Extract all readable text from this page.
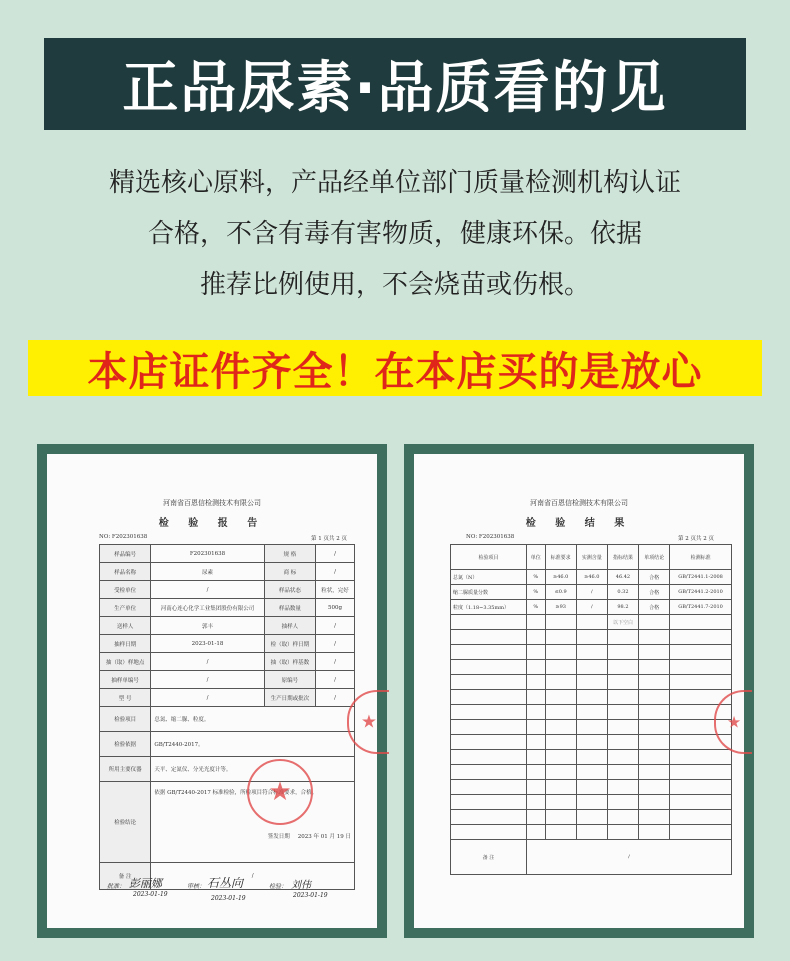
正品尿素·品质看的见
精选核心原料，产品经单位部门质量检测机构认证
合格，不含有毒有害物质，健康环保。依据
推荐比例使用，不会烧苗或伤根。
本店证件齐全！在本店买的是放心
河南省百恩信检测技术有限公司
检 验 报 告
NO: F202301638	第 1 页共 2 页
样品编号	F202301638	规 格	/
样品名称	尿素	商 标	/
受检单位	/	样品状态	粒状，完好
生产单位	河南心连心化学工业集团股份有限公司	样品数量	500g
送样人	郭丰	抽样人	/
抽样日期	2023-01-18	检（取）样日期	/
抽（取）样地点	/	抽（取）样基数	/
抽样单编号	/	原编号	/
型 号	/	生产日期或批次	/
检验项目	总氮、缩二脲、粒度。		
检验依据	GB/T2440-2017。		
所用主要仪器	天平、定氮仪、分光光度计等。		
检验结论	依据 GB/T2440-2017 标准检验，所检项目符合标准要求，合格。
签发日期 2023 年 01 月 19 日		

备 注	/		
★
★
批准： 彭丽娜
2023-01-19
审核： 石丛向
2023-01-19
检验： 刘伟
2023-01-19
河南省百恩信检测技术有限公司
检 验 结 果
NO: F202301638	第 2 页共 2 页
检验项目	单位	标准要求	实测含量	指标结果	单项结论	检测标准
总氮（N）	%	≥46.0	≥46.0	46.42	合格	GB/T2441.1-2008
缩二脲质量分数	%	≤0.9	/	0.32	合格	GB/T2441.2-2010
粒度（1.18~3.35mm）	%	≥93	/	98.2	合格	GB/T2441.7-2010
				以下空白		

备 注	/					
★
